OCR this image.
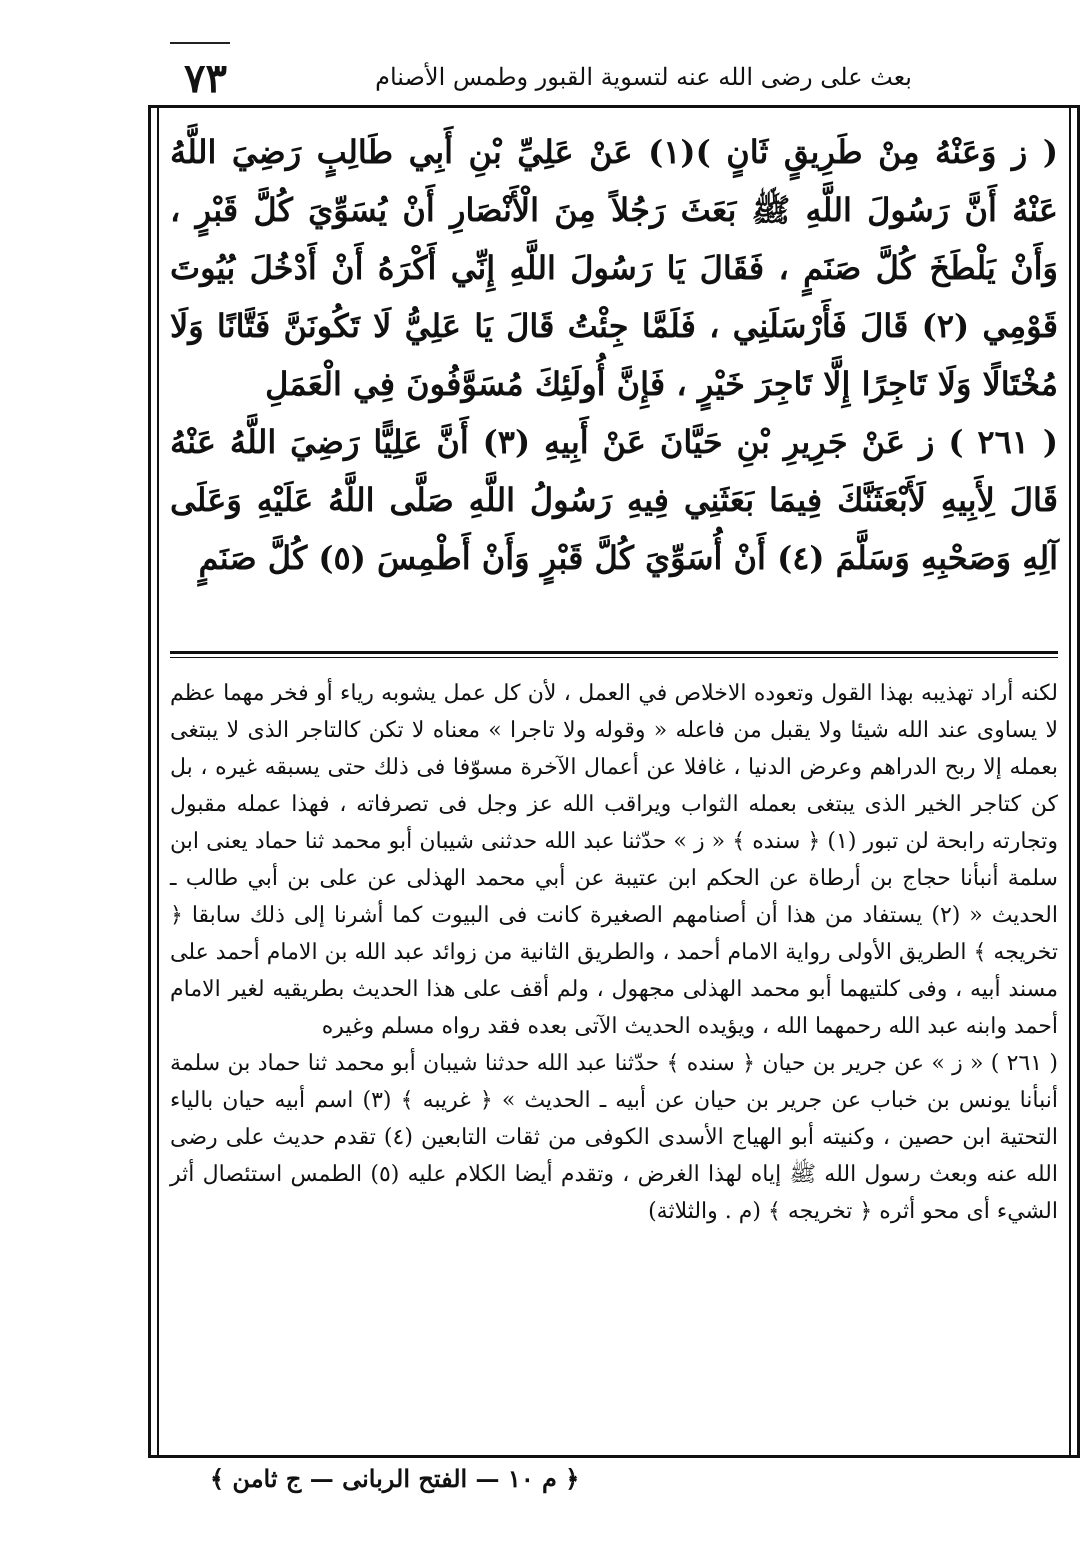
٧٣	بعث على رضى الله عنه لتسوية القبور وطمس الأصنام

( ز وَعَنْهُ مِنْ طَرِيقٍ ثَانٍ )(١) عَنْ عَلِيِّ بْنِ أَبِي طَالِبٍ رَضِيَ اللَّهُ عَنْهُ أَنَّ رَسُولَ اللَّهِ ﷺ بَعَثَ رَجُلاً مِنَ الْأَنْصَارِ أَنْ يُسَوِّيَ كُلَّ قَبْرٍ ، وَأَنْ يَلْطَخَ كُلَّ صَنَمٍ ، فَقَالَ يَا رَسُولَ اللَّهِ إِنِّي أَكْرَهُ أَنْ أَدْخُلَ بُيُوتَ قَوْمِي (٢) قَالَ فَأَرْسَلَنِي ، فَلَمَّا جِئْتُ قَالَ يَا عَلِيُّ لَا تَكُونَنَّ فَتَّانًا وَلَا مُخْتَالًا وَلَا تَاجِرًا إِلَّا تَاجِرَ خَيْرٍ ، فَإِنَّ أُولَئِكَ مُسَوَّفُونَ فِي الْعَمَلِ

( ٢٦١ ) ز عَنْ جَرِيرِ بْنِ حَيَّانَ عَنْ أَبِيهِ (٣) أَنَّ عَلِيًّا رَضِيَ اللَّهُ عَنْهُ قَالَ لِأَبِيهِ لَأَبْعَثَنَّكَ فِيمَا بَعَثَنِي فِيهِ رَسُولُ اللَّهِ صَلَّى اللَّهُ عَلَيْهِ وَعَلَى آلِهِ وَصَحْبِهِ وَسَلَّمَ (٤) أَنْ أُسَوِّيَ كُلَّ قَبْرٍ وَأَنْ أَطْمِسَ (٥) كُلَّ صَنَمٍ

لكنه أراد تهذيبه بهذا القول وتعوده الاخلاص في العمل ، لأن كل عمل يشوبه رياء أو فخر مهما عظم لا يساوى عند الله شيئا ولا يقبل من فاعله « وقوله ولا تاجرا » معناه لا تكن كالتاجر الذى لا يبتغى بعمله إلا ربح الدراهم وعرض الدنيا ، غافلا عن أعمال الآخرة مسوّفا فى ذلك حتى يسبقه غيره ، بل كن كتاجر الخير الذى يبتغى بعمله الثواب ويراقب الله عز وجل فى تصرفاته ، فهذا عمله مقبول وتجارته رابحة لن تبور (١) ﴿ سنده ﴾ « ز » حدّثنا عبد الله حدثنى شيبان أبو محمد ثنا حماد يعنى ابن سلمة أنبأنا حجاج بن أرطاة عن الحكم ابن عتيبة عن أبي محمد الهذلى عن على بن أبي طالب ـ الحديث « (٢) يستفاد من هذا أن أصنامهم الصغيرة كانت فى البيوت كما أشرنا إلى ذلك سابقا ﴿ تخريجه ﴾ الطريق الأولى رواية الامام أحمد ، والطريق الثانية من زوائد عبد الله بن الامام أحمد على مسند أبيه ، وفى كلتيهما أبو محمد الهذلى مجهول ، ولم أقف على هذا الحديث بطريقيه لغير الامام أحمد وابنه عبد الله رحمهما الله ، ويؤيده الحديث الآتى بعده فقد رواه مسلم وغيره

( ٢٦١ ) « ز » عن جرير بن حيان ﴿ سنده ﴾ حدّثنا عبد الله حدثنا شيبان أبو محمد ثنا حماد بن سلمة أنبأنا يونس بن خباب عن جرير بن حيان عن أبيه ـ الحديث » ﴿ غريبه ﴾ (٣) اسم أبيه حيان بالياء التحتية ابن حصين ، وكنيته أبو الهياج الأسدى الكوفى من ثقات التابعين (٤) تقدم حديث على رضى الله عنه وبعث رسول الله ﷺ إياه لهذا الغرض ، وتقدم أيضا الكلام عليه (٥) الطمس استئصال أثر الشيء أى محو أثره ﴿ تخريجه ﴾ (م . والثلاثة)

﴿ م ١٠ — الفتح الربانى — ج ثامن ﴾
